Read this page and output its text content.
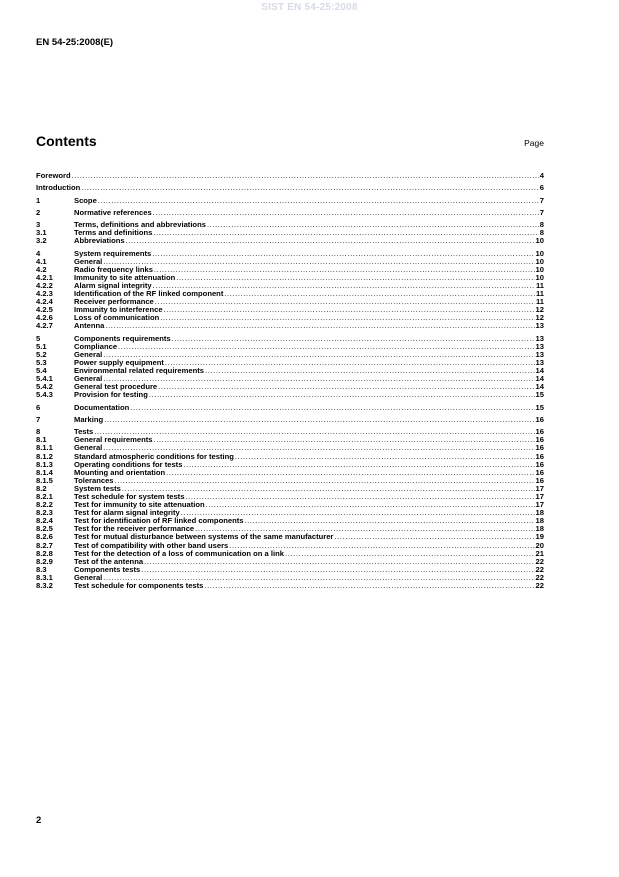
SIST EN 54-25:2008
EN 54-25:2008(E)
Contents	Page
Foreword .....	4
Introduction .....	6
1	Scope .....	7
2	Normative references .....	7
3	Terms, definitions and abbreviations .....	8
3.1	Terms and definitions .....	8
3.2	Abbreviations .....	10
4	System requirements .....	10
4.1	General .....	10
4.2	Radio frequency links .....	10
4.2.1	Immunity to site attenuation .....	10
4.2.2	Alarm signal integrity .....	11
4.2.3	Identification of the RF linked component .....	11
4.2.4	Receiver performance .....	11
4.2.5	Immunity to interference .....	12
4.2.6	Loss of communication .....	12
4.2.7	Antenna .....	13
5	Components requirements .....	13
5.1	Compliance .....	13
5.2	General .....	13
5.3	Power supply equipment .....	13
5.4	Environmental related requirements .....	14
5.4.1	General .....	14
5.4.2	General test procedure .....	14
5.4.3	Provision for testing .....	15
6	Documentation .....	15
7	Marking .....	16
8	Tests .....	16
8.1	General requirements .....	16
8.1.1	General .....	16
8.1.2	Standard atmospheric conditions for testing .....	16
8.1.3	Operating conditions for tests .....	16
8.1.4	Mounting and orientation .....	16
8.1.5	Tolerances .....	16
8.2	System tests .....	17
8.2.1	Test schedule for system tests .....	17
8.2.2	Test for immunity to site attenuation .....	17
8.2.3	Test for alarm signal integrity .....	18
8.2.4	Test for identification of RF linked components .....	18
8.2.5	Test for the receiver performance .....	18
8.2.6	Test for mutual disturbance between systems of the same manufacturer .....	19
8.2.7	Test of compatibility with other band users .....	20
8.2.8	Test for the detection of a loss of communication on a link .....	21
8.2.9	Test of the antenna .....	22
8.3	Components tests .....	22
8.3.1	General .....	22
8.3.2	Test schedule for components tests .....	22
2
